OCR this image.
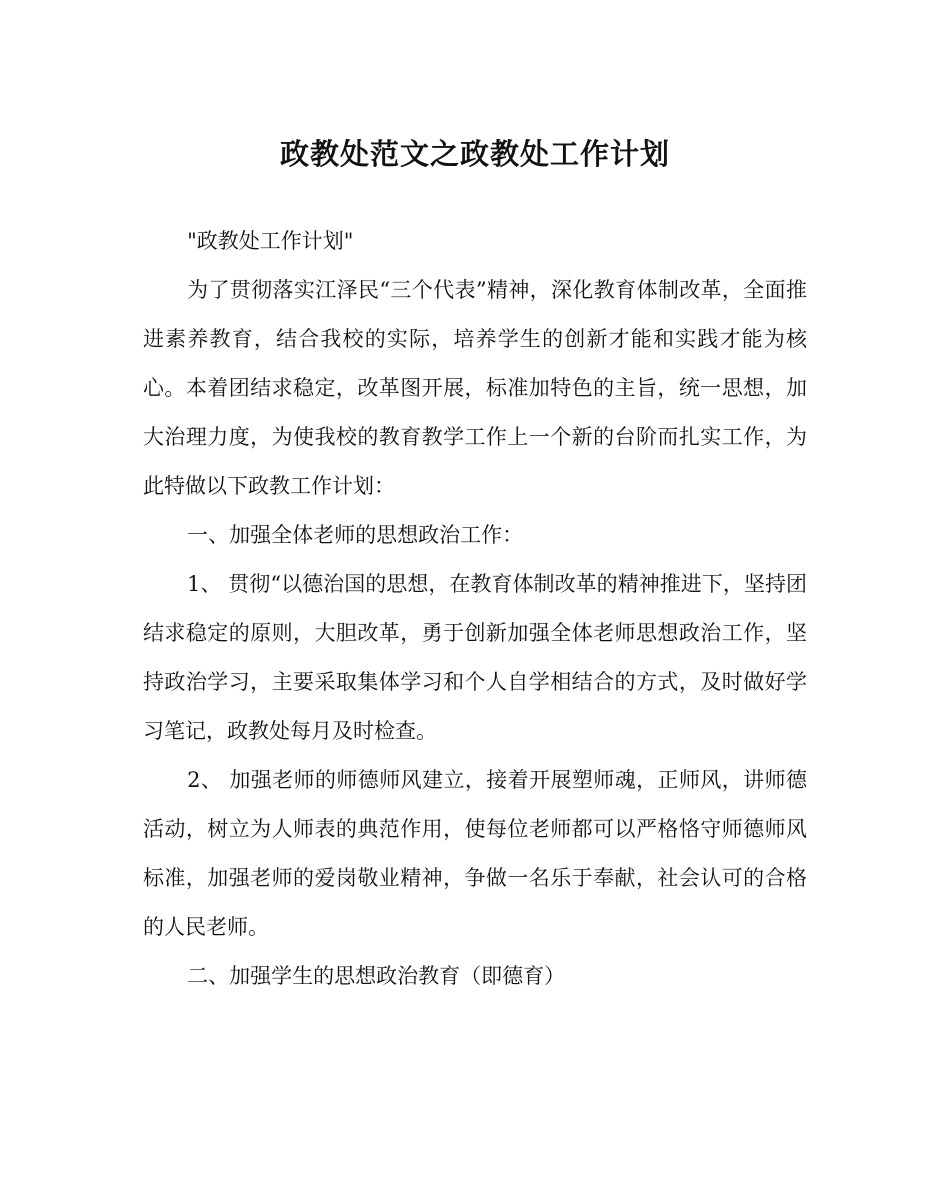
政教处范文之政教处工作计划

"政教处工作计划"

为了贯彻落实江泽民“三个代表”精神，深化教育体制改革，全面推进素养教育，结合我校的实际，培养学生的创新才能和实践才能为核心。本着团结求稳定，改革图开展，标准加特色的主旨，统一思想，加大治理力度，为使我校的教育教学工作上一个新的台阶而扎实工作，为此特做以下政教工作计划：

一、加强全体老师的思想政治工作：

1、 贯彻“以德治国的思想，在教育体制改革的精神推进下，坚持团结求稳定的原则，大胆改革，勇于创新加强全体老师思想政治工作，坚持政治学习，主要采取集体学习和个人自学相结合的方式，及时做好学习笔记，政教处每月及时检查。

2、 加强老师的师德师风建立，接着开展塑师魂，正师风，讲师德活动，树立为人师表的典范作用，使每位老师都可以严格恪守师德师风标准，加强老师的爱岗敬业精神，争做一名乐于奉献，社会认可的合格的人民老师。

二、加强学生的思想政治教育（即德育）
